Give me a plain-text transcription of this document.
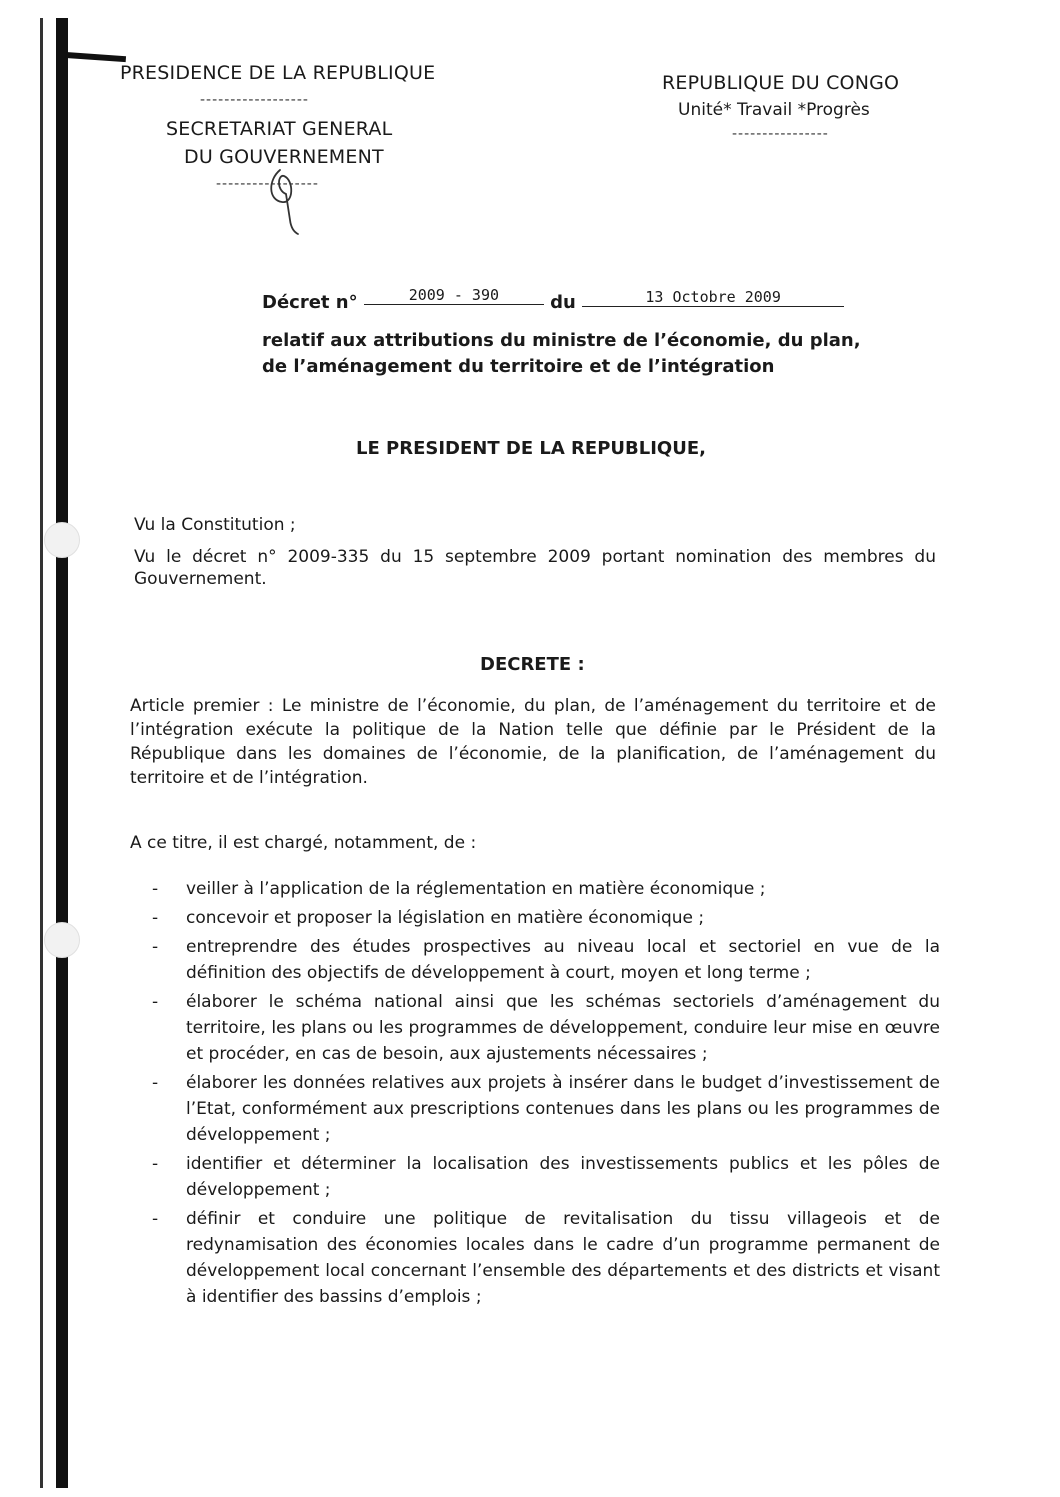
PRESIDENCE DE LA REPUBLIQUE
------------------
SECRETARIAT GENERAL
DU GOUVERNEMENT
-----------------
REPUBLIQUE DU CONGO
Unité* Travail *Progrès
----------------
Décret n°	2009 - 390	du	13 Octobre 2009
relatif aux attributions du ministre de l’économie, du plan,
de l’aménagement du territoire et de l’intégration
LE PRESIDENT DE LA REPUBLIQUE,
Vu la Constitution ;
Vu le décret n° 2009-335 du 15 septembre 2009 portant nomination des membres du Gouvernement.
DECRETE :
Article premier : Le ministre de l’économie, du plan, de l’aménagement du territoire et de l’intégration exécute la politique de la Nation telle que définie par le Président de la République dans les domaines de l’économie, de la planification, de l’aménagement du territoire et de l’intégration.
A ce titre, il est chargé, notamment, de :
- veiller à l’application de la réglementation en matière économique ;
- concevoir et proposer la législation en matière économique ;
- entreprendre des études prospectives au niveau local et sectoriel en vue de la définition des objectifs de développement à court, moyen et long terme ;
- élaborer le schéma national ainsi que les schémas sectoriels d’aménagement du territoire, les plans ou les programmes de développement, conduire leur mise en œuvre et procéder, en cas de besoin, aux ajustements nécessaires ;
- élaborer les données relatives aux projets à insérer dans le budget d’investissement de l’Etat, conformément aux prescriptions contenues dans les plans ou les programmes de développement ;
- identifier et déterminer la localisation des investissements publics et les pôles de développement ;
- définir et conduire une politique de revitalisation du tissu villageois et de redynamisation des économies locales dans le cadre d’un programme permanent de développement local concernant l’ensemble des départements et des districts et visant à identifier des bassins d’emplois ;
